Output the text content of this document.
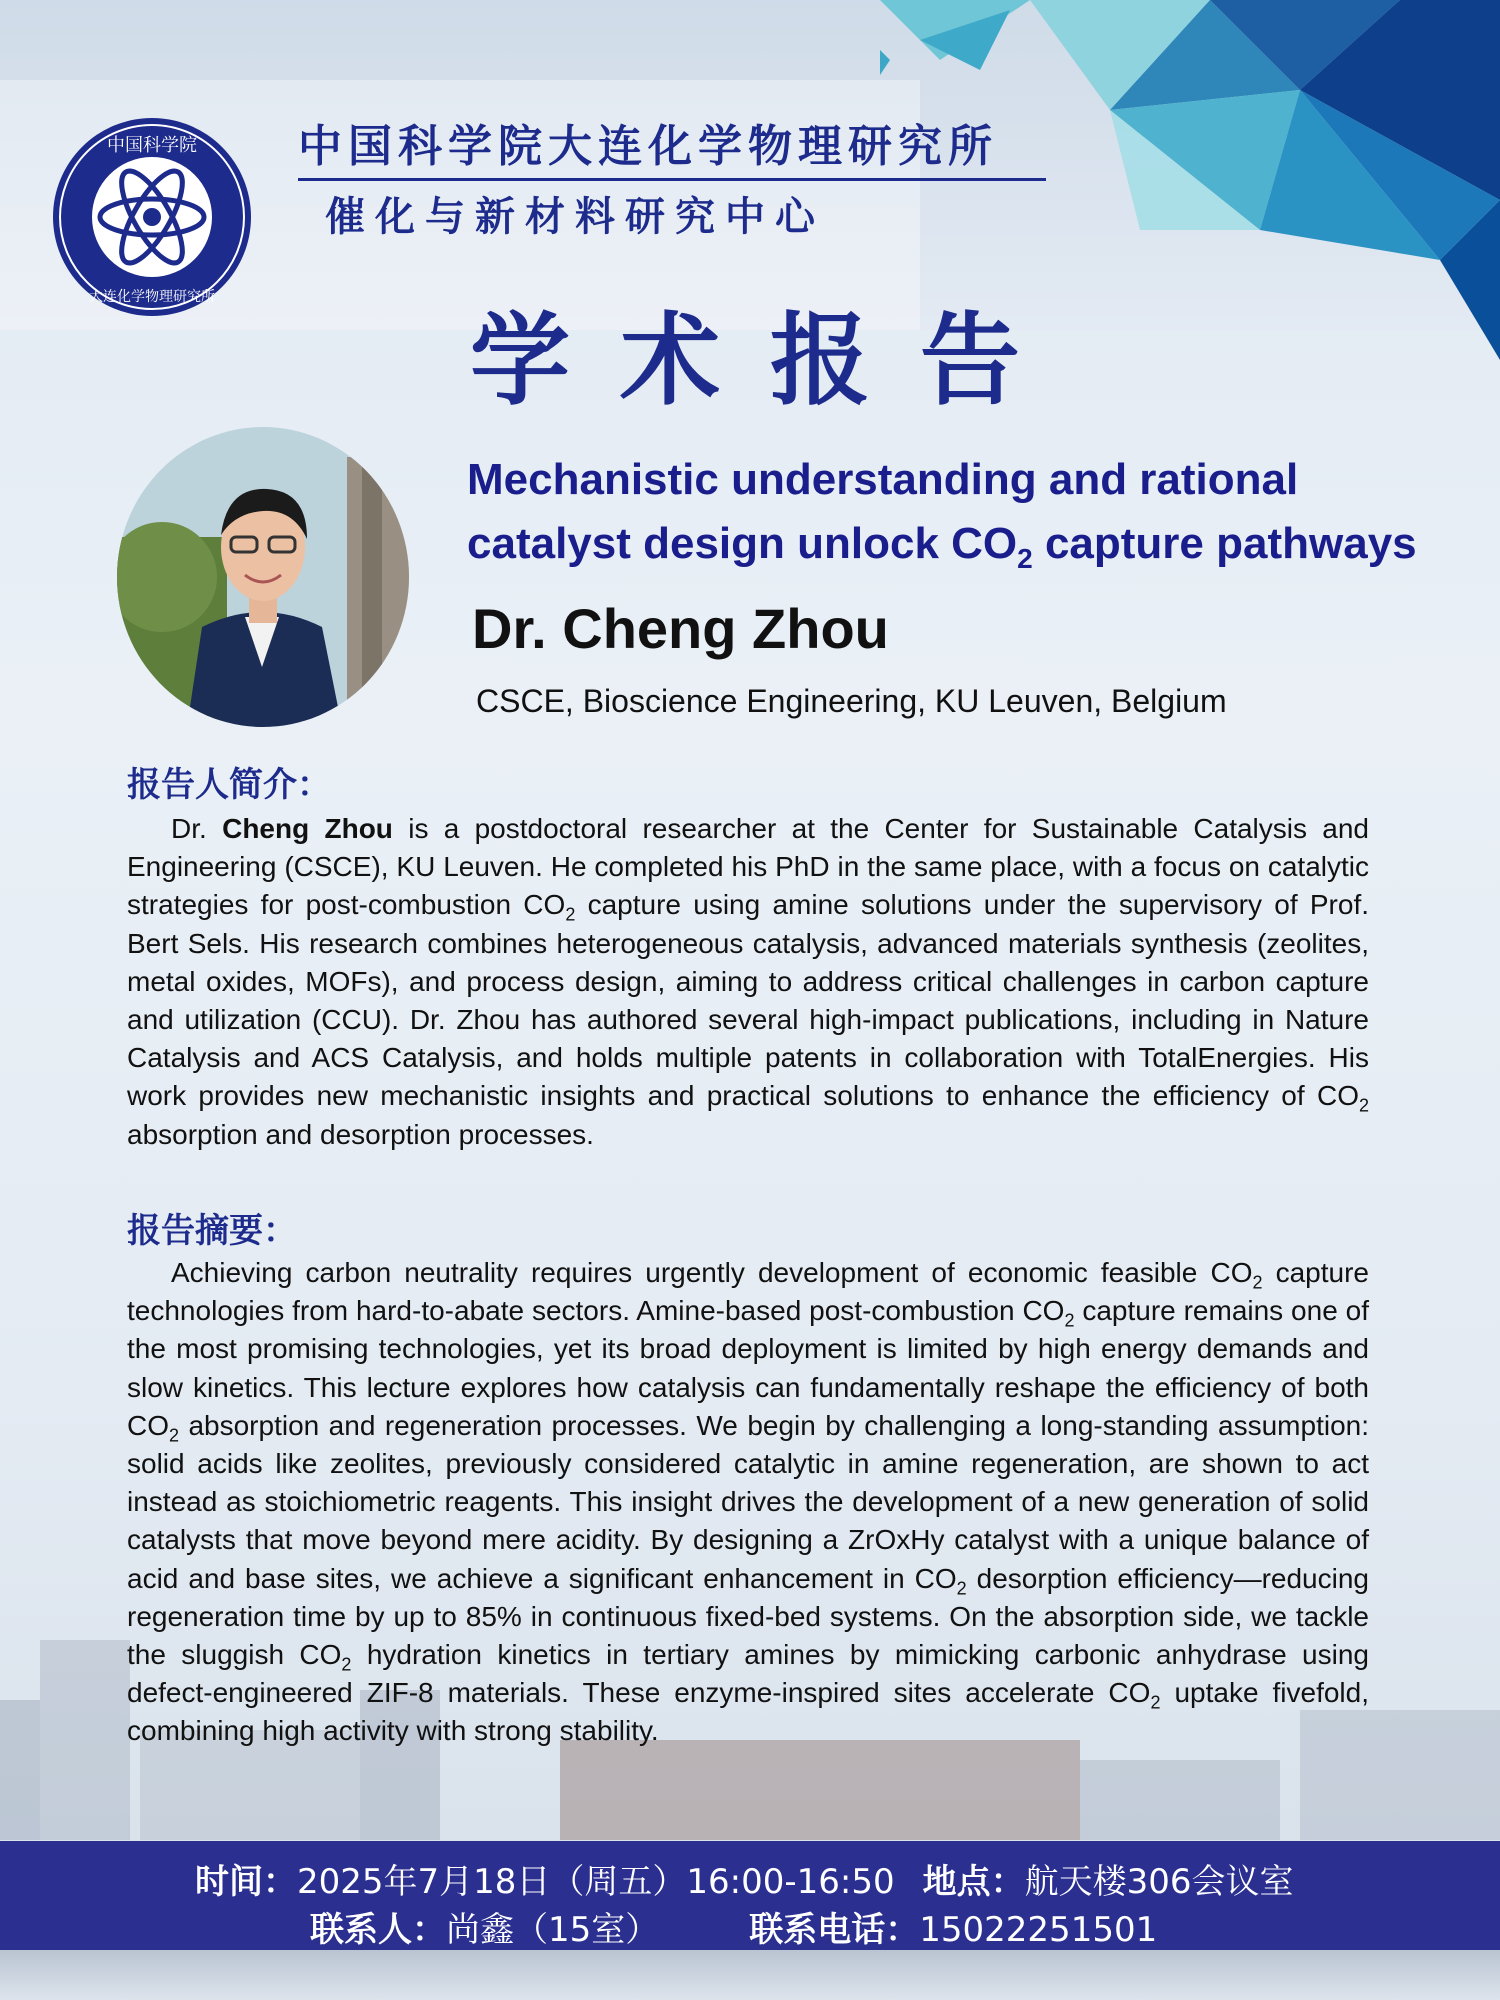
中国科学院
大连化学物理研究所
中国科学院大连化学物理研究所
催化与新材料研究中心
学术报告
Mechanistic understanding and rational
catalyst design unlock $CO_2$ capture pathways
Dr. Cheng Zhou
CSCE, Bioscience Engineering, KU Leuven, Belgium
报告人简介：
Dr. Cheng Zhou is a postdoctoral researcher at the Center for Sustainable Catalysis and Engineering (CSCE), KU Leuven. He completed his PhD in the same place, with a focus on catalytic strategies for post-combustion $CO_2$ capture using amine solutions under the supervisory of Prof. Bert Sels. His research combines heterogeneous catalysis, advanced materials synthesis (zeolites, metal oxides, MOFs), and process design, aiming to address critical challenges in carbon capture and utilization (CCU). Dr. Zhou has authored several high-impact publications, including in Nature Catalysis and ACS Catalysis, and holds multiple patents in collaboration with TotalEnergies. His work provides new mechanistic insights and practical solutions to enhance the efficiency of $CO_2$ absorption and desorption processes.
报告摘要：
Achieving carbon neutrality requires urgently development of economic feasible $CO_2$ capture technologies from hard-to-abate sectors. Amine-based post-combustion $CO_2$ capture remains one of the most promising technologies, yet its broad deployment is limited by high energy demands and slow kinetics. This lecture explores how catalysis can fundamentally reshape the efficiency of both $CO_2$ absorption and regeneration processes. We begin by challenging a long-standing assumption: solid acids like zeolites, previously considered catalytic in amine regeneration, are shown to act instead as stoichiometric reagents. This insight drives the development of a new generation of solid catalysts that move beyond mere acidity. By designing a ZrOxHy catalyst with a unique balance of acid and base sites, we achieve a significant enhancement in $CO_2$ desorption efficiency—reducing regeneration time by up to 85% in continuous fixed-bed systems. On the absorption side, we tackle the sluggish $CO_2$ hydration kinetics in tertiary amines by mimicking carbonic anhydrase using defect-engineered ZIF-8 materials. These enzyme-inspired sites accelerate $CO_2$ uptake fivefold, combining high activity with strong stability.
时间：2025年7月18日（周五）16:00-16:50 地点：航天楼306会议室
联系人：尚鑫（15室）	联系电话：15022251501
